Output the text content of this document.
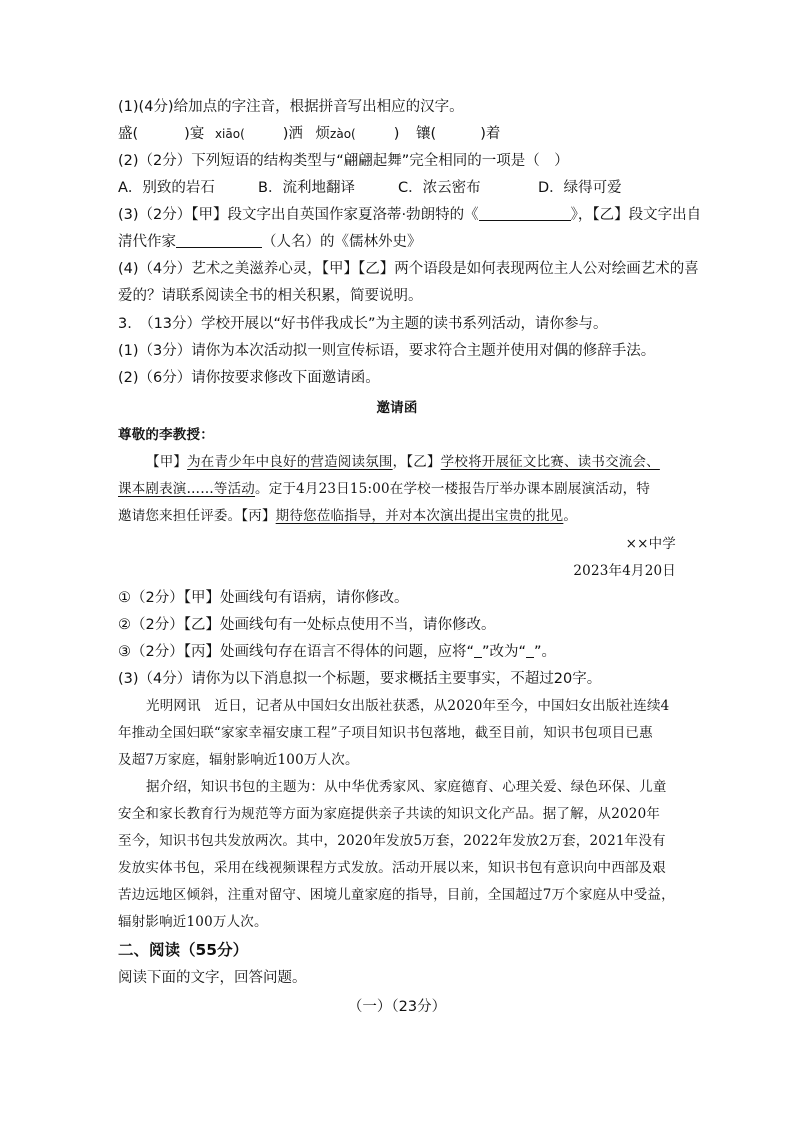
(1)(4分)给加点的字注音，根据拼音写出相应的汉字。
盛(	)宴 xiāo(	)洒 烦zào(	) 镶(	)着
(2)（2分）下列短语的结构类型与“翩翩起舞”完全相同的一项是（　）
A．别致的岩石	B．流利地翻译	C．浓云密布	D．绿得可爱
(3)（2分）【甲】段文字出自英国作家夏洛蒂·勃朗特的《	》，【乙】段文字出自
清代作家	（人名）的《儒林外史》
(4)（4分）艺术之美滋养心灵，【甲】【乙】两个语段是如何表现两位主人公对绘画艺术的喜
爱的？请联系阅读全书的相关积累，简要说明。
3.　（13分）学校开展以“好书伴我成长”为主题的读书系列活动，请你参与。
(1)（3分）请你为本次活动拟一则宣传标语，要求符合主题并使用对偶的修辞手法。
(2)（6分）请你按要求修改下面邀请函。
邀请函
尊敬的李教授：
【甲】为在青少年中良好的营造阅读氛围，【乙】学校将开展征文比赛、读书交流会、
课本剧表演……等活动。定于4月23日15:00在学校一楼报告厅举办课本剧展演活动，特
邀请您来担任评委。【丙】期待您莅临指导，并对本次演出提出宝贵的批见。
××中学
2023年4月20日
①（2分）【甲】处画线句有语病，请你修改。
②（2分）【乙】处画线句有一处标点使用不当，请你修改。
③（2分）【丙】处画线句存在语言不得体的问题，应将“ ”改为“ ”。
(3)（4分）请你为以下消息拟一个标题，要求概括主要事实，不超过20字。
光明网讯　近日，记者从中国妇女出版社获悉，从2020年至今，中国妇女出版社连续4
年推动全国妇联“家家幸福安康工程”子项目知识书包落地，截至目前，知识书包项目已惠
及超7万家庭，辐射影响近100万人次。
据介绍，知识书包的主题为：从中华优秀家风、家庭德育、心理关爱、绿色环保、儿童
安全和家长教育行为规范等方面为家庭提供亲子共读的知识文化产品。据了解，从2020年
至今，知识书包共发放两次。其中，2020年发放5万套，2022年发放2万套，2021年没有
发放实体书包，采用在线视频课程方式发放。活动开展以来，知识书包有意识向中西部及艰
苦边远地区倾斜，注重对留守、困境儿童家庭的指导，目前，全国超过7万个家庭从中受益，
辐射影响近100万人次。
二、阅读（55分）
阅读下面的文字，回答问题。
（一）（23分）
